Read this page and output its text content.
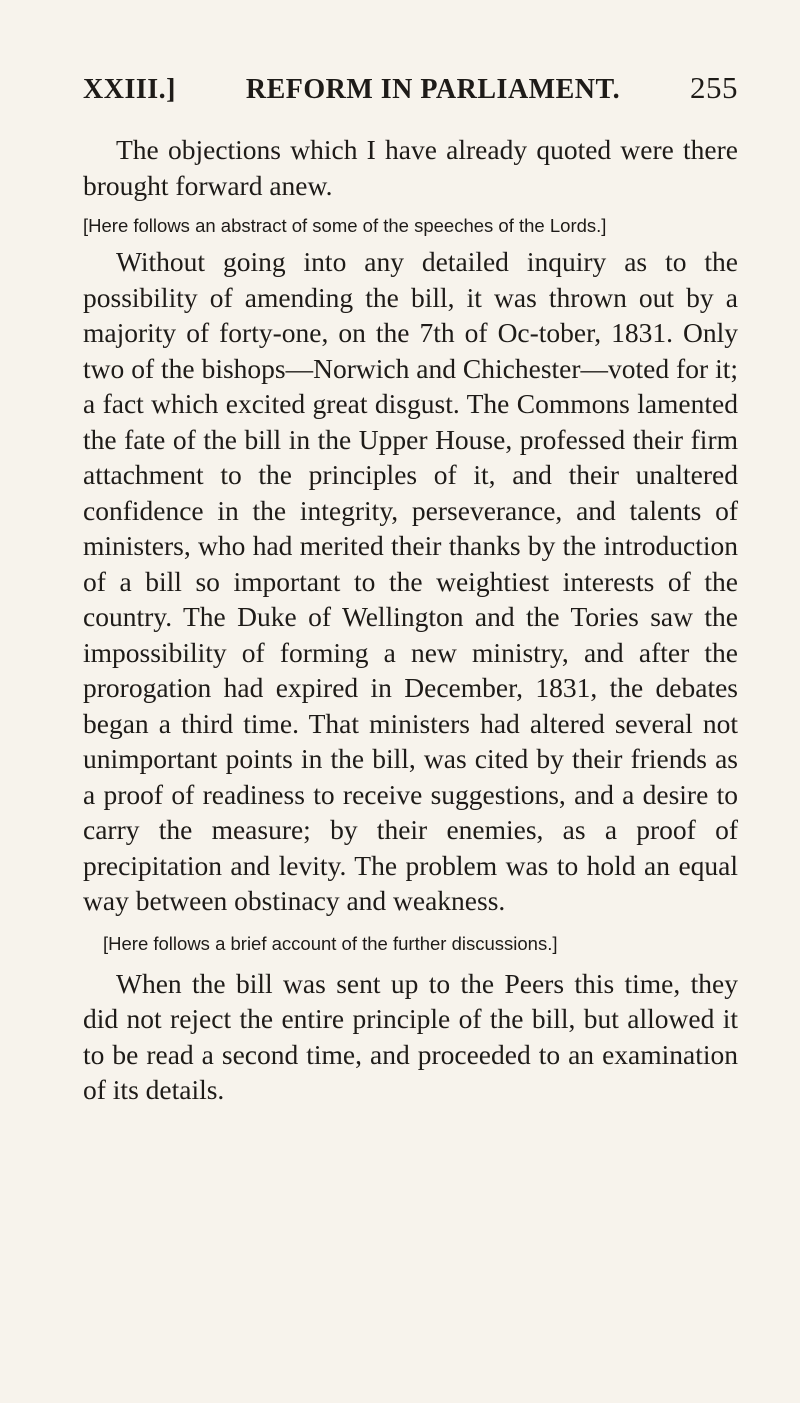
XXIII.] REFORM IN PARLIAMENT. 255

The objections which I have already quoted were there brought forward anew.

[Here follows an abstract of some of the speeches of the Lords.]

Without going into any detailed inquiry as to the possibility of amending the bill, it was thrown out by a majority of forty-one, on the 7th of Oc-tober, 1831. Only two of the bishops—Norwich and Chichester—voted for it; a fact which excited great disgust. The Commons lamented the fate of the bill in the Upper House, professed their firm attachment to the principles of it, and their unaltered confidence in the integrity, perseverance, and talents of ministers, who had merited their thanks by the introduction of a bill so important to the weightiest interests of the country. The Duke of Wellington and the Tories saw the impossibility of forming a new ministry, and after the prorogation had expired in December, 1831, the debates began a third time. That ministers had altered several not unimportant points in the bill, was cited by their friends as a proof of readiness to receive suggestions, and a desire to carry the measure; by their enemies, as a proof of precipitation and levity. The problem was to hold an equal way between obstinacy and weakness.

[Here follows a brief account of the further discussions.]

When the bill was sent up to the Peers this time, they did not reject the entire principle of the bill, but allowed it to be read a second time, and proceeded to an examination of its details.
